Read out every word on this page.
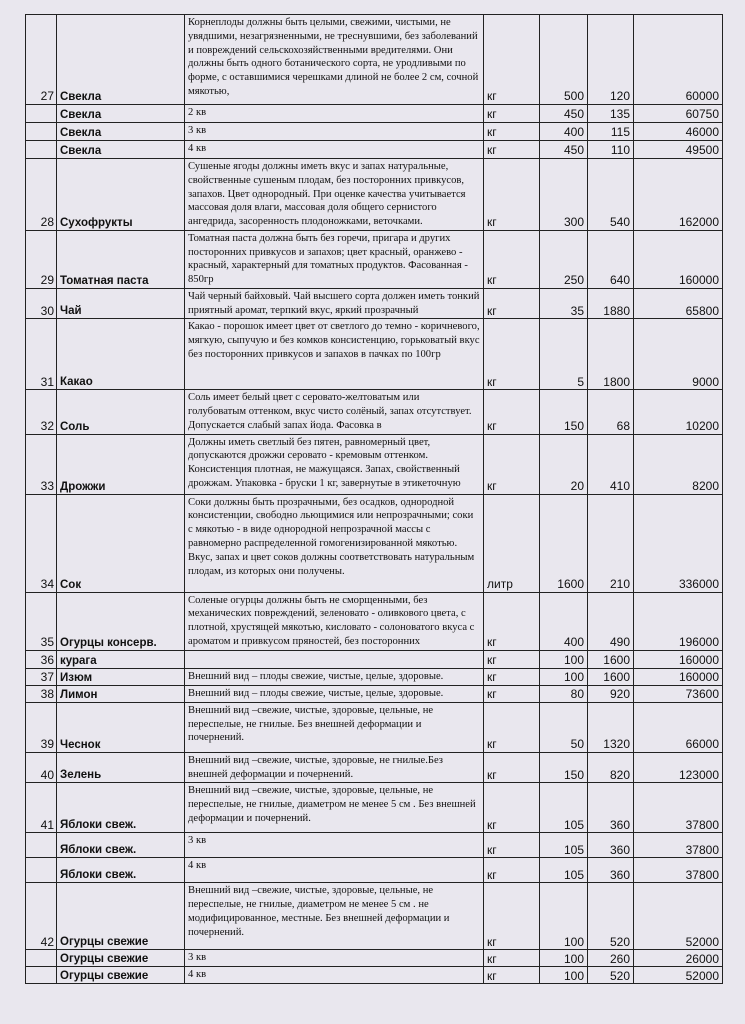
27	Свекла	Корнеплоды должны быть целыми, свежими, чистыми, не увядшими, незагрязненными, не треснувшими, без заболеваний и повреждений сельскохозяйственными вредителями. Они должны быть одного ботанического сорта, не уродливыми по форме, с оставшимися черешками длиной не более 2 см, сочной мякотью,	кг	500	120	60000
	Свекла	2 кв	кг	450	135	60750
	Свекла	3 кв	кг	400	115	46000
	Свекла	4 кв	кг	450	110	49500
28	Сухофрукты	Сушеные ягоды должны иметь вкус и запах натуральные, свойственные сушеным плодам, без посторонних привкусов, запахов. Цвет однородный. При оценке качества учитывается массовая доля влаги, массовая доля общего сернистого ангедрида, засоренность плодоножками, веточками.	кг	300	540	162000
29	Томатная паста	Томатная паста должна быть без горечи, пригара и других посторонних привкусов и запахов; цвет красный, оранжево - красный, характерный для томатных продуктов. Фасованная - 850гр	кг	250	640	160000
30	Чай	Чай черный байховый. Чай высшего сорта должен иметь тонкий приятный аромат, терпкий вкус, яркий прозрачный	кг	35	1880	65800
31	Какао	Какао - порошок имеет цвет от светлого до темно - коричневого, мягкую, сыпучую и без комков консистенцию, горьковатый вкус без посторонних привкусов и запахов в пачках по 100гр	кг	5	1800	9000
32	Соль	Соль имеет белый цвет с серовато-желтоватым или голубоватым оттенком, вкус чисто солёный, запах отсутствует. Допускается слабый запах йода. Фасовка в	кг	150	68	10200
33	Дрожжи	Должны иметь светлый без пятен, равномерный цвет, допускаются дрожжи серовато - кремовым оттенком. Консистенция плотная, не мажущаяся. Запах, свойственный дрожжам. Упаковка - бруски 1 кг, завернутые в этикеточную	кг	20	410	8200
34	Сок	Соки должны быть прозрачными, без осадков, однородной консистенции, свободно льющимися или непрозрачными; соки с мякотью - в виде однородной непрозрачной массы с равномерно распределенной гомогенизированной мякотью. Вкус, запах и цвет соков должны соответствовать натуральным плодам, из которых они получены.	литр	1600	210	336000
35	Огурцы консерв.	Соленые огурцы должны быть не сморщенными, без механических повреждений, зеленовато - оливкового цвета, с плотной, хрустящей мякотью, кисловато - солоноватого вкуса с ароматом и привкусом пряностей, без посторонних	кг	400	490	196000
36	курага		кг	100	1600	160000
37	Изюм	Внешний вид – плоды свежие, чистые, целые, здоровые.	кг	100	1600	160000
38	Лимон	Внешний вид – плоды свежие, чистые, целые, здоровые.	кг	80	920	73600
39	Чеснок	Внешний вид –свежие, чистые, здоровые, цельные, не переспелые, не гнилые. Без внешней деформации и почернений.	кг	50	1320	66000
40	Зелень	Внешний вид –свежие, чистые, здоровые, не гнилые.Без внешней деформации и почернений.	кг	150	820	123000
41	Яблоки свеж.	Внешний вид –свежие, чистые, здоровые, цельные, не переспелые, не гнилые, диаметром не менее 5 см . Без внешней деформации и почернений.	кг	105	360	37800
	Яблоки свеж.	3 кв	кг	105	360	37800
	Яблоки свеж.	4 кв	кг	105	360	37800
42	Огурцы свежие	Внешний вид –свежие, чистые, здоровые, цельные, не переспелые, не гнилые, диаметром не менее 5 см . не модифицированное, местные. Без внешней деформации и почернений.	кг	100	520	52000
	Огурцы свежие	3 кв	кг	100	260	26000
	Огурцы свежие	4 кв	кг	100	520	52000
